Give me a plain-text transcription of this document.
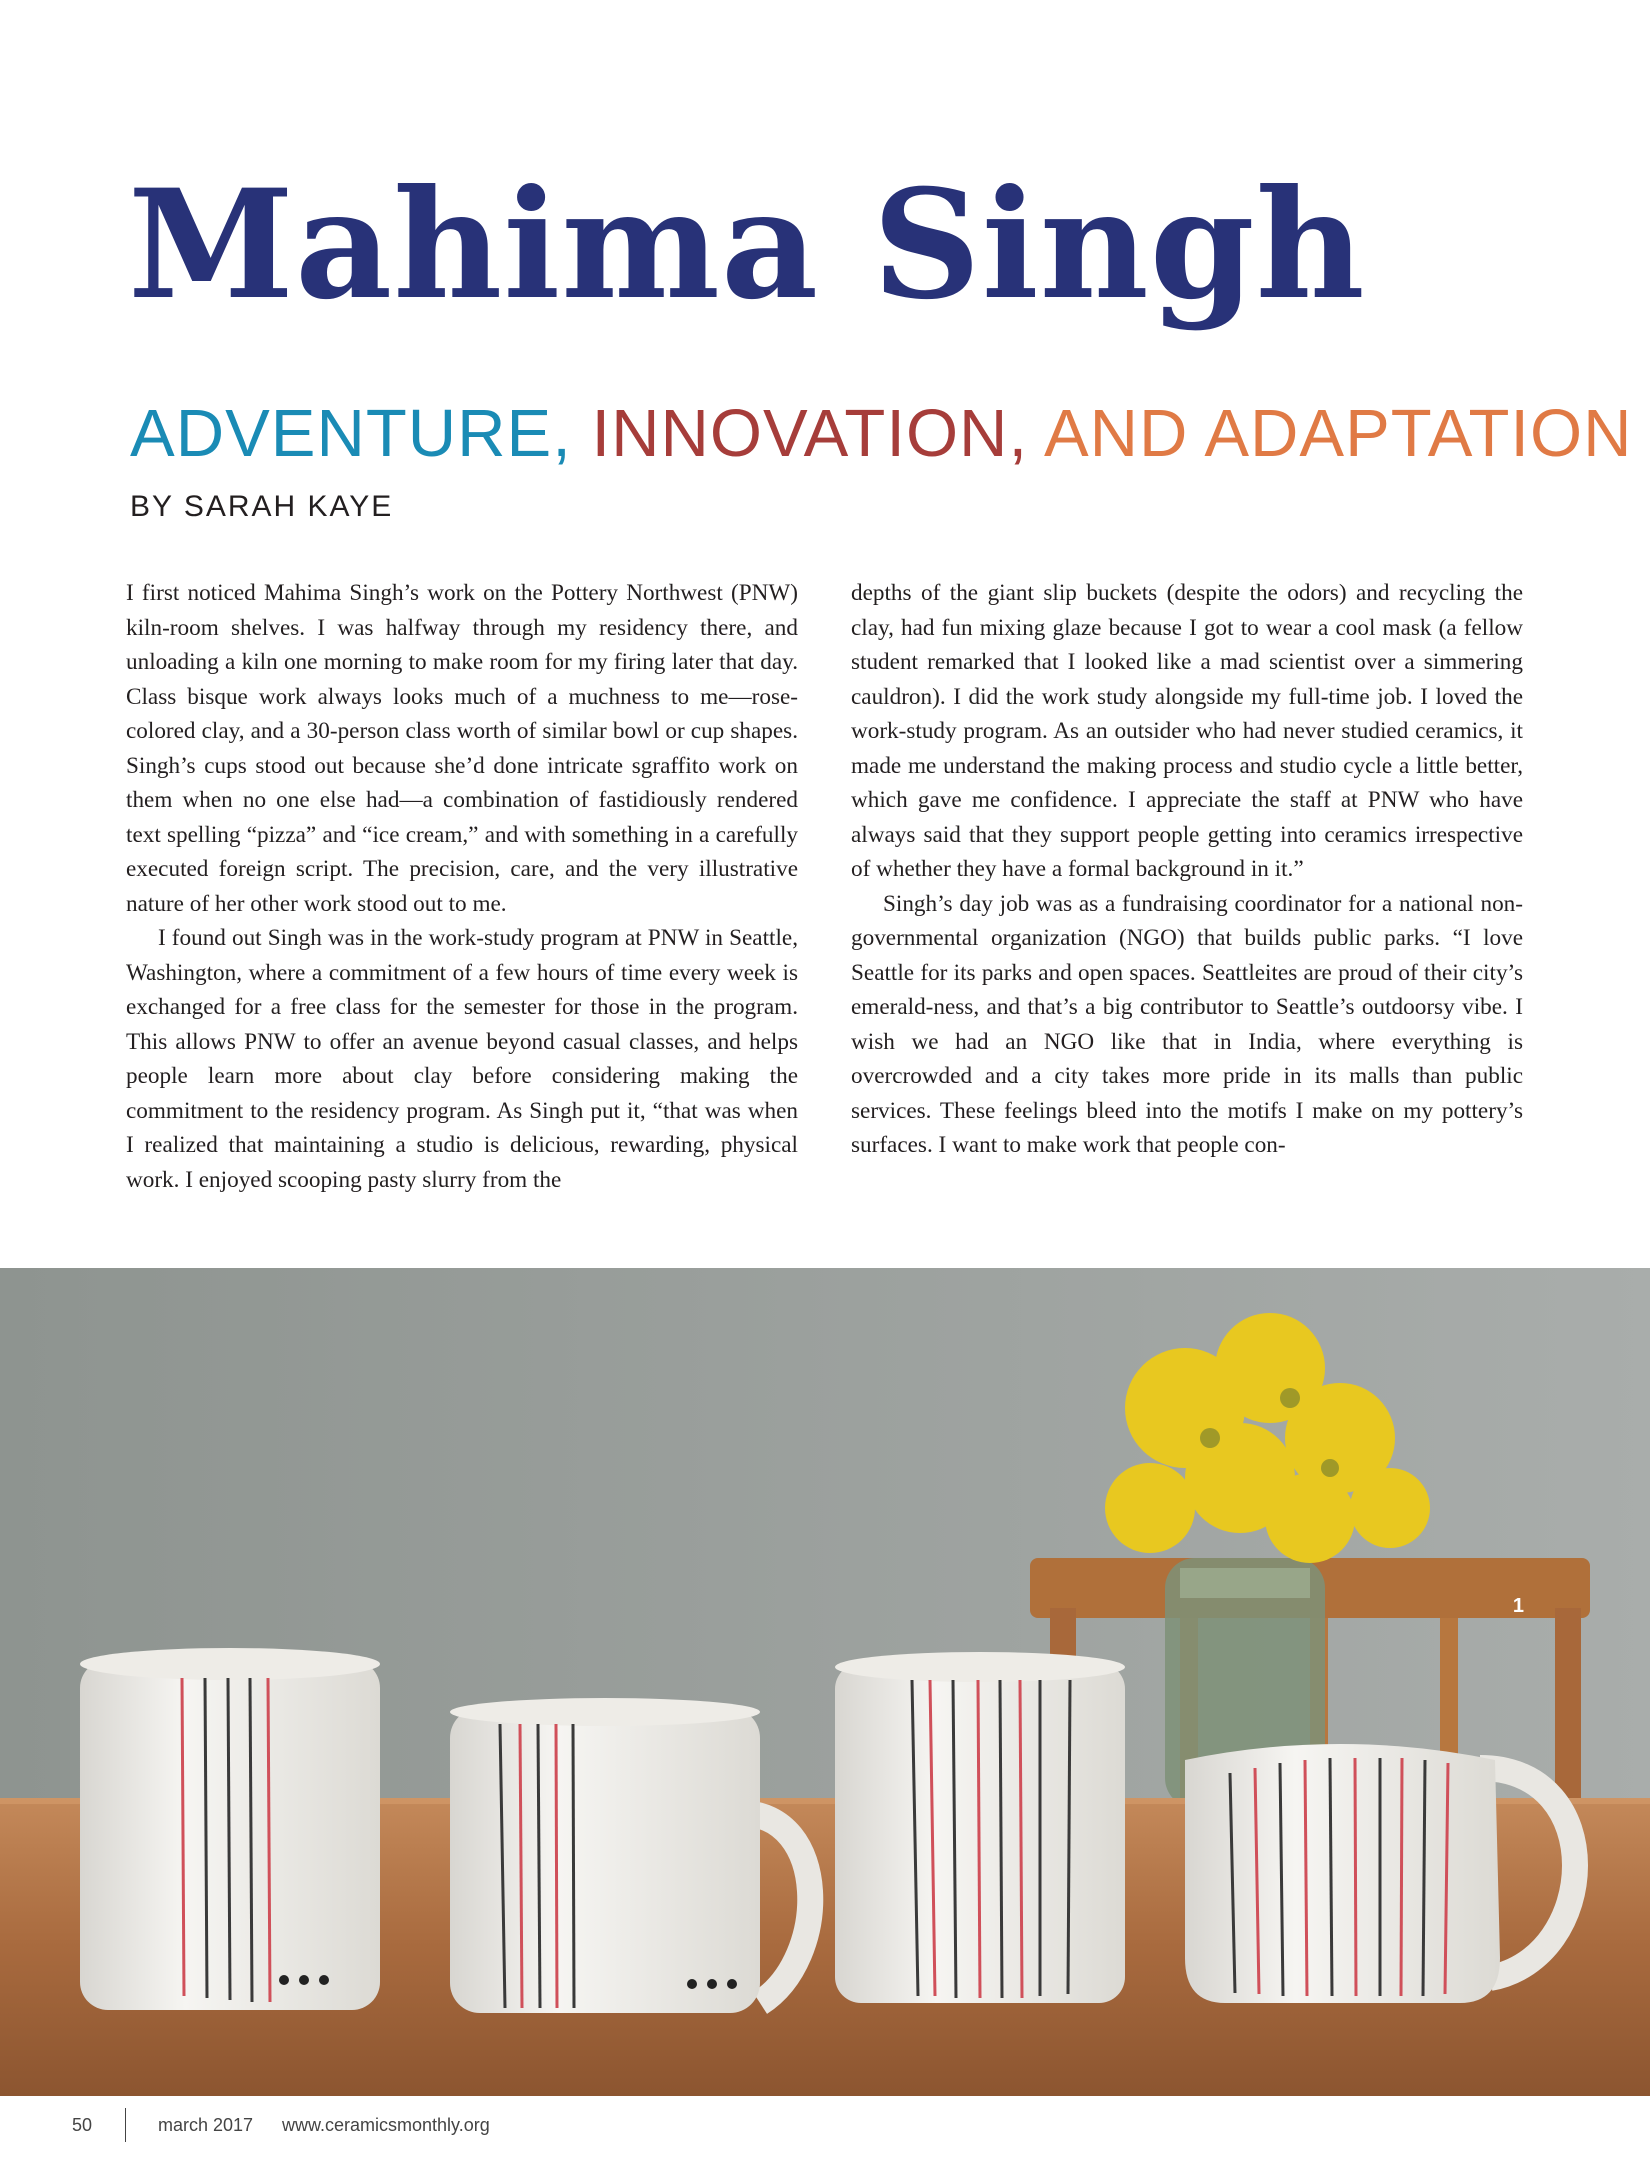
Mahima Singh
ADVENTURE, INNOVATION, AND ADAPTATION
BY SARAH KAYE

I first noticed Mahima Singh’s work on the Pottery Northwest (PNW) kiln-room shelves. I was halfway through my residency there, and unloading a kiln one morning to make room for my firing later that day. Class bisque work always looks much of a muchness to me—rose-colored clay, and a 30-person class worth of similar bowl or cup shapes. Singh’s cups stood out because she’d done intricate sgraffito work on them when no one else had—a combination of fastidiously rendered text spelling “pizza” and “ice cream,” and with something in a carefully executed foreign script. The precision, care, and the very illustrative nature of her other work stood out to me.

I found out Singh was in the work-study program at PNW in Seattle, Washington, where a commitment of a few hours of time every week is exchanged for a free class for the semester for those in the program. This allows PNW to offer an avenue beyond casual classes, and helps people learn more about clay before considering making the commitment to the residency program. As Singh put it, “that was when I realized that maintaining a studio is delicious, rewarding, physical work. I enjoyed scooping pasty slurry from the

depths of the giant slip buckets (despite the odors) and recycling the clay, had fun mixing glaze because I got to wear a cool mask (a fellow student remarked that I looked like a mad scientist over a simmering cauldron). I did the work study alongside my full-time job. I loved the work-study program. As an outsider who had never studied ceramics, it made me understand the making process and studio cycle a little better, which gave me confidence. I appreciate the staff at PNW who have always said that they support people getting into ceramics irrespective of whether they have a formal background in it.”

Singh’s day job was as a fundraising coordinator for a national non-governmental organization (NGO) that builds public parks. “I love Seattle for its parks and open spaces. Seattleites are proud of their city’s emerald-ness, and that’s a big contributor to Seattle’s outdoorsy vibe. I wish we had an NGO like that in India, where everything is overcrowded and a city takes more pride in its malls than public services. These feelings bleed into the motifs I make on my pottery’s surfaces. I want to make work that people con-

1
50	march 2017 www.ceramicsmonthly.org
